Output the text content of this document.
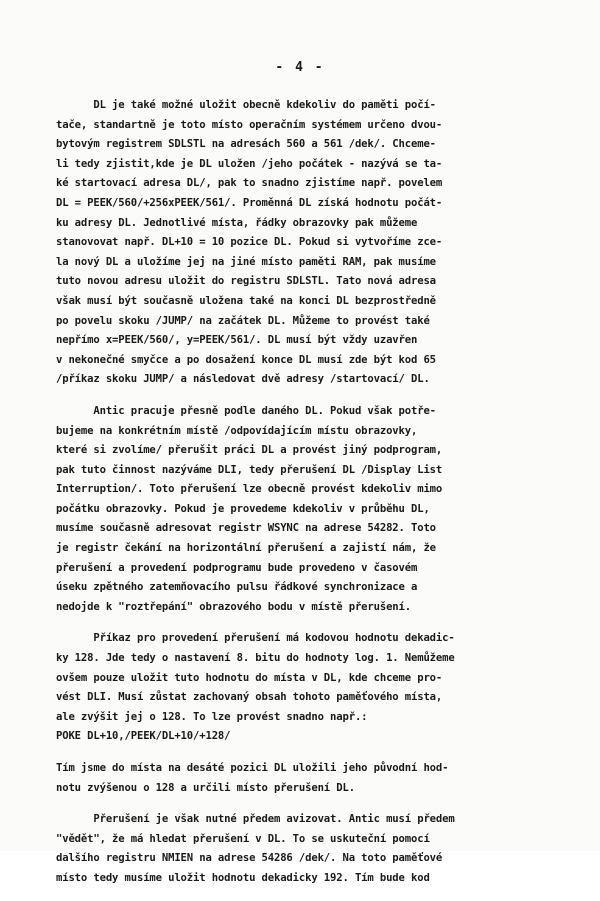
- 4 -
DL je také možné uložit obecně kdekoliv do paměti počí-
tače, standartně je toto místo operačním systémem určeno dvou-
bytovým registrem SDLSTL na adresách 560 a 561 /dek/. Chceme-
li tedy zjistit,kde je DL uložen /jeho počátek - nazývá se ta-
ké startovací adresa DL/, pak to snadno zjistíme např. povelem
DL = PEEK/560/+256xPEEK/561/. Proměnná DL získá hodnotu počát-
ku adresy DL. Jednotlivé místa, řádky obrazovky pak můžeme
stanovovat např. DL+10 = 10 pozice DL. Pokud si vytvoříme zce-
la nový DL a uložíme jej na jiné místo paměti RAM, pak musíme
tuto novou adresu uložit do registru SDLSTL. Tato nová adresa
však musí být současně uložena také na konci DL bezprostředně
po povelu skoku /JUMP/ na začátek DL. Můžeme to provést také
nepřímo x=PEEK/560/, y=PEEK/561/. DL musí být vždy uzavřen
v nekonečné smyčce a po dosažení konce DL musí zde být kod 65
/příkaz skoku JUMP/ a následovat dvě adresy /startovací/ DL.
Antic pracuje přesně podle daného DL. Pokud však potře-
bujeme na konkrétním místě /odpovídajícím místu obrazovky,
které si zvolíme/ přerušit práci DL a provést jiný podprogram,
pak tuto činnost nazýváme DLI, tedy přerušení DL /Display List
Interruption/. Toto přerušení lze obecně provést kdekoliv mimo
počátku obrazovky. Pokud je provedeme kdekoliv v průběhu DL,
musíme současně adresovat registr WSYNC na adrese 54282. Toto
je registr čekání na horizontální přerušení a zajistí nám, že
přerušení a provedení podprogramu bude provedeno v časovém
úseku zpětného zatemňovacího pulsu řádkové synchronizace a
nedojde k "roztřepání" obrazového bodu v místě přerušení.
Příkaz pro provedení přerušení má kodovou hodnotu dekadic-
ky 128. Jde tedy o nastavení 8. bitu do hodnoty log. 1. Nemůžeme
ovšem pouze uložit tuto hodnotu do místa v DL, kde chceme pro-
vést DLI. Musí zůstat zachovaný obsah tohoto paměťového místa,
ale zvýšit jej o 128. To lze provést snadno např.:
POKE DL+10,/PEEK/DL+10/+128/
Tím jsme do místa na desáté pozici DL uložili jeho původní hod-
notu zvýšenou o 128 a určili místo přerušení DL.
Přerušení je však nutné předem avizovat. Antic musí předem
"vědět", že má hledat přerušení v DL. To se uskuteční pomocí
dalšího registru NMIEN na adrese 54286 /dek/. Na toto paměťové
místo tedy musíme uložit hodnotu dekadicky 192. Tím bude kod
